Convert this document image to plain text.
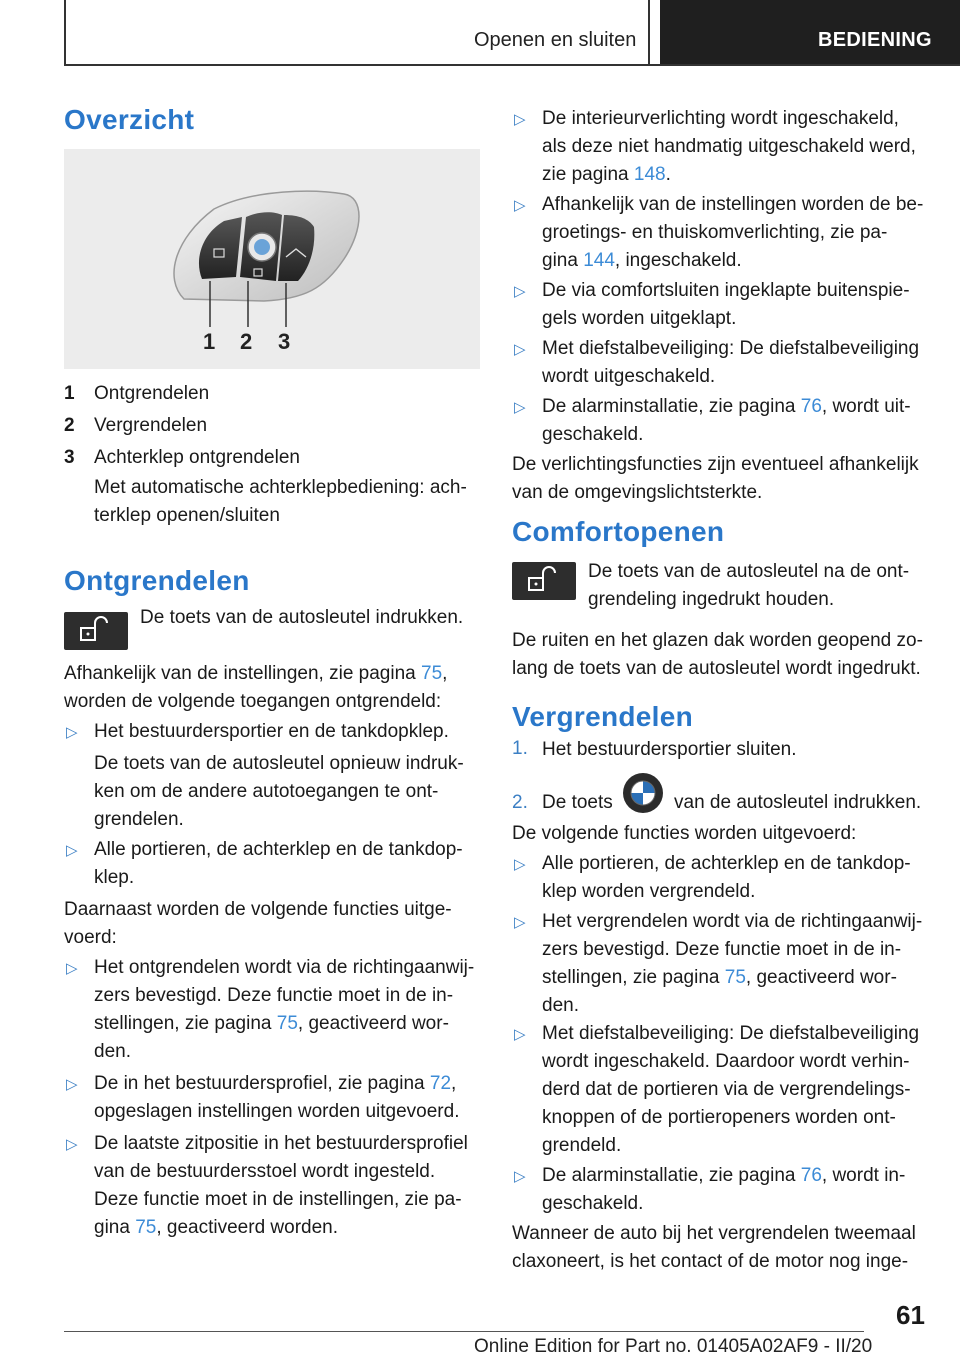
Openen en sluiten	BEDIENING
Overzicht
1 2 3
1 Ontgrendelen

2 Vergrendelen

3 Achterklep ontgrendelen

Met automatische achterklepbediening: ach-

terklep openen/sluiten

Ontgrendelen

De toets van de autosleutel indrukken.

Afhankelijk van de instellingen, zie pagina 75,

worden de volgende toegangen ontgrendeld:

▷ Het bestuurdersportier en de tankdopklep.

De toets van de autosleutel opnieuw indruk-

ken om de andere autotoegangen te ont-

grendelen.

▷ Alle portieren, de achterklep en de tankdop-

klep.

Daarnaast worden de volgende functies uitge-

voerd:

▷ Het ontgrendelen wordt via de richtingaanwij-

zers bevestigd. Deze functie moet in de in-

stellingen, zie pagina 75, geactiveerd wor-

den.

▷ De in het bestuurdersprofiel, zie pagina 72,

opgeslagen instellingen worden uitgevoerd.

▷ De laatste zitpositie in het bestuurdersprofiel

van de bestuurdersstoel wordt ingesteld.

Deze functie moet in de instellingen, zie pa-

gina 75, geactiveerd worden.

▷ De interieurverlichting wordt ingeschakeld,

als deze niet handmatig uitgeschakeld werd,

zie pagina 148.

▷ Afhankelijk van de instellingen worden de be-

groetings- en thuiskomverlichting, zie pa-

gina 144, ingeschakeld.

▷ De via comfortsluiten ingeklapte buitenspie-

gels worden uitgeklapt.

▷ Met diefstalbeveiliging: De diefstalbeveiliging

wordt uitgeschakeld.

▷ De alarminstallatie, zie pagina 76, wordt uit-

geschakeld.

De verlichtingsfuncties zijn eventueel afhankelijk

van de omgevingslichtsterkte.

Comfortopenen

De toets van de autosleutel na de ont-

grendeling ingedrukt houden.

De ruiten en het glazen dak worden geopend zo-

lang de toets van de autosleutel wordt ingedrukt.

Vergrendelen
1. Het bestuurdersportier sluiten.

2. De toets	van de autosleutel indrukken.

De volgende functies worden uitgevoerd:

▷ Alle portieren, de achterklep en de tankdop-

klep worden vergrendeld.

▷ Het vergrendelen wordt via de richtingaanwij-

zers bevestigd. Deze functie moet in de in-

stellingen, zie pagina 75, geactiveerd wor-

den.

▷ Met diefstalbeveiliging: De diefstalbeveiliging

wordt ingeschakeld. Daardoor wordt verhin-

derd dat de portieren via de vergrendelings-

knoppen of de portieropeners worden ont-

grendeld.

▷ De alarminstallatie, zie pagina 76, wordt in-

geschakeld.

Wanneer de auto bij het vergrendelen tweemaal

claxoneert, is het contact of de motor nog inge-

61
Online Edition for Part no. 01405A02AF9 - II/20
